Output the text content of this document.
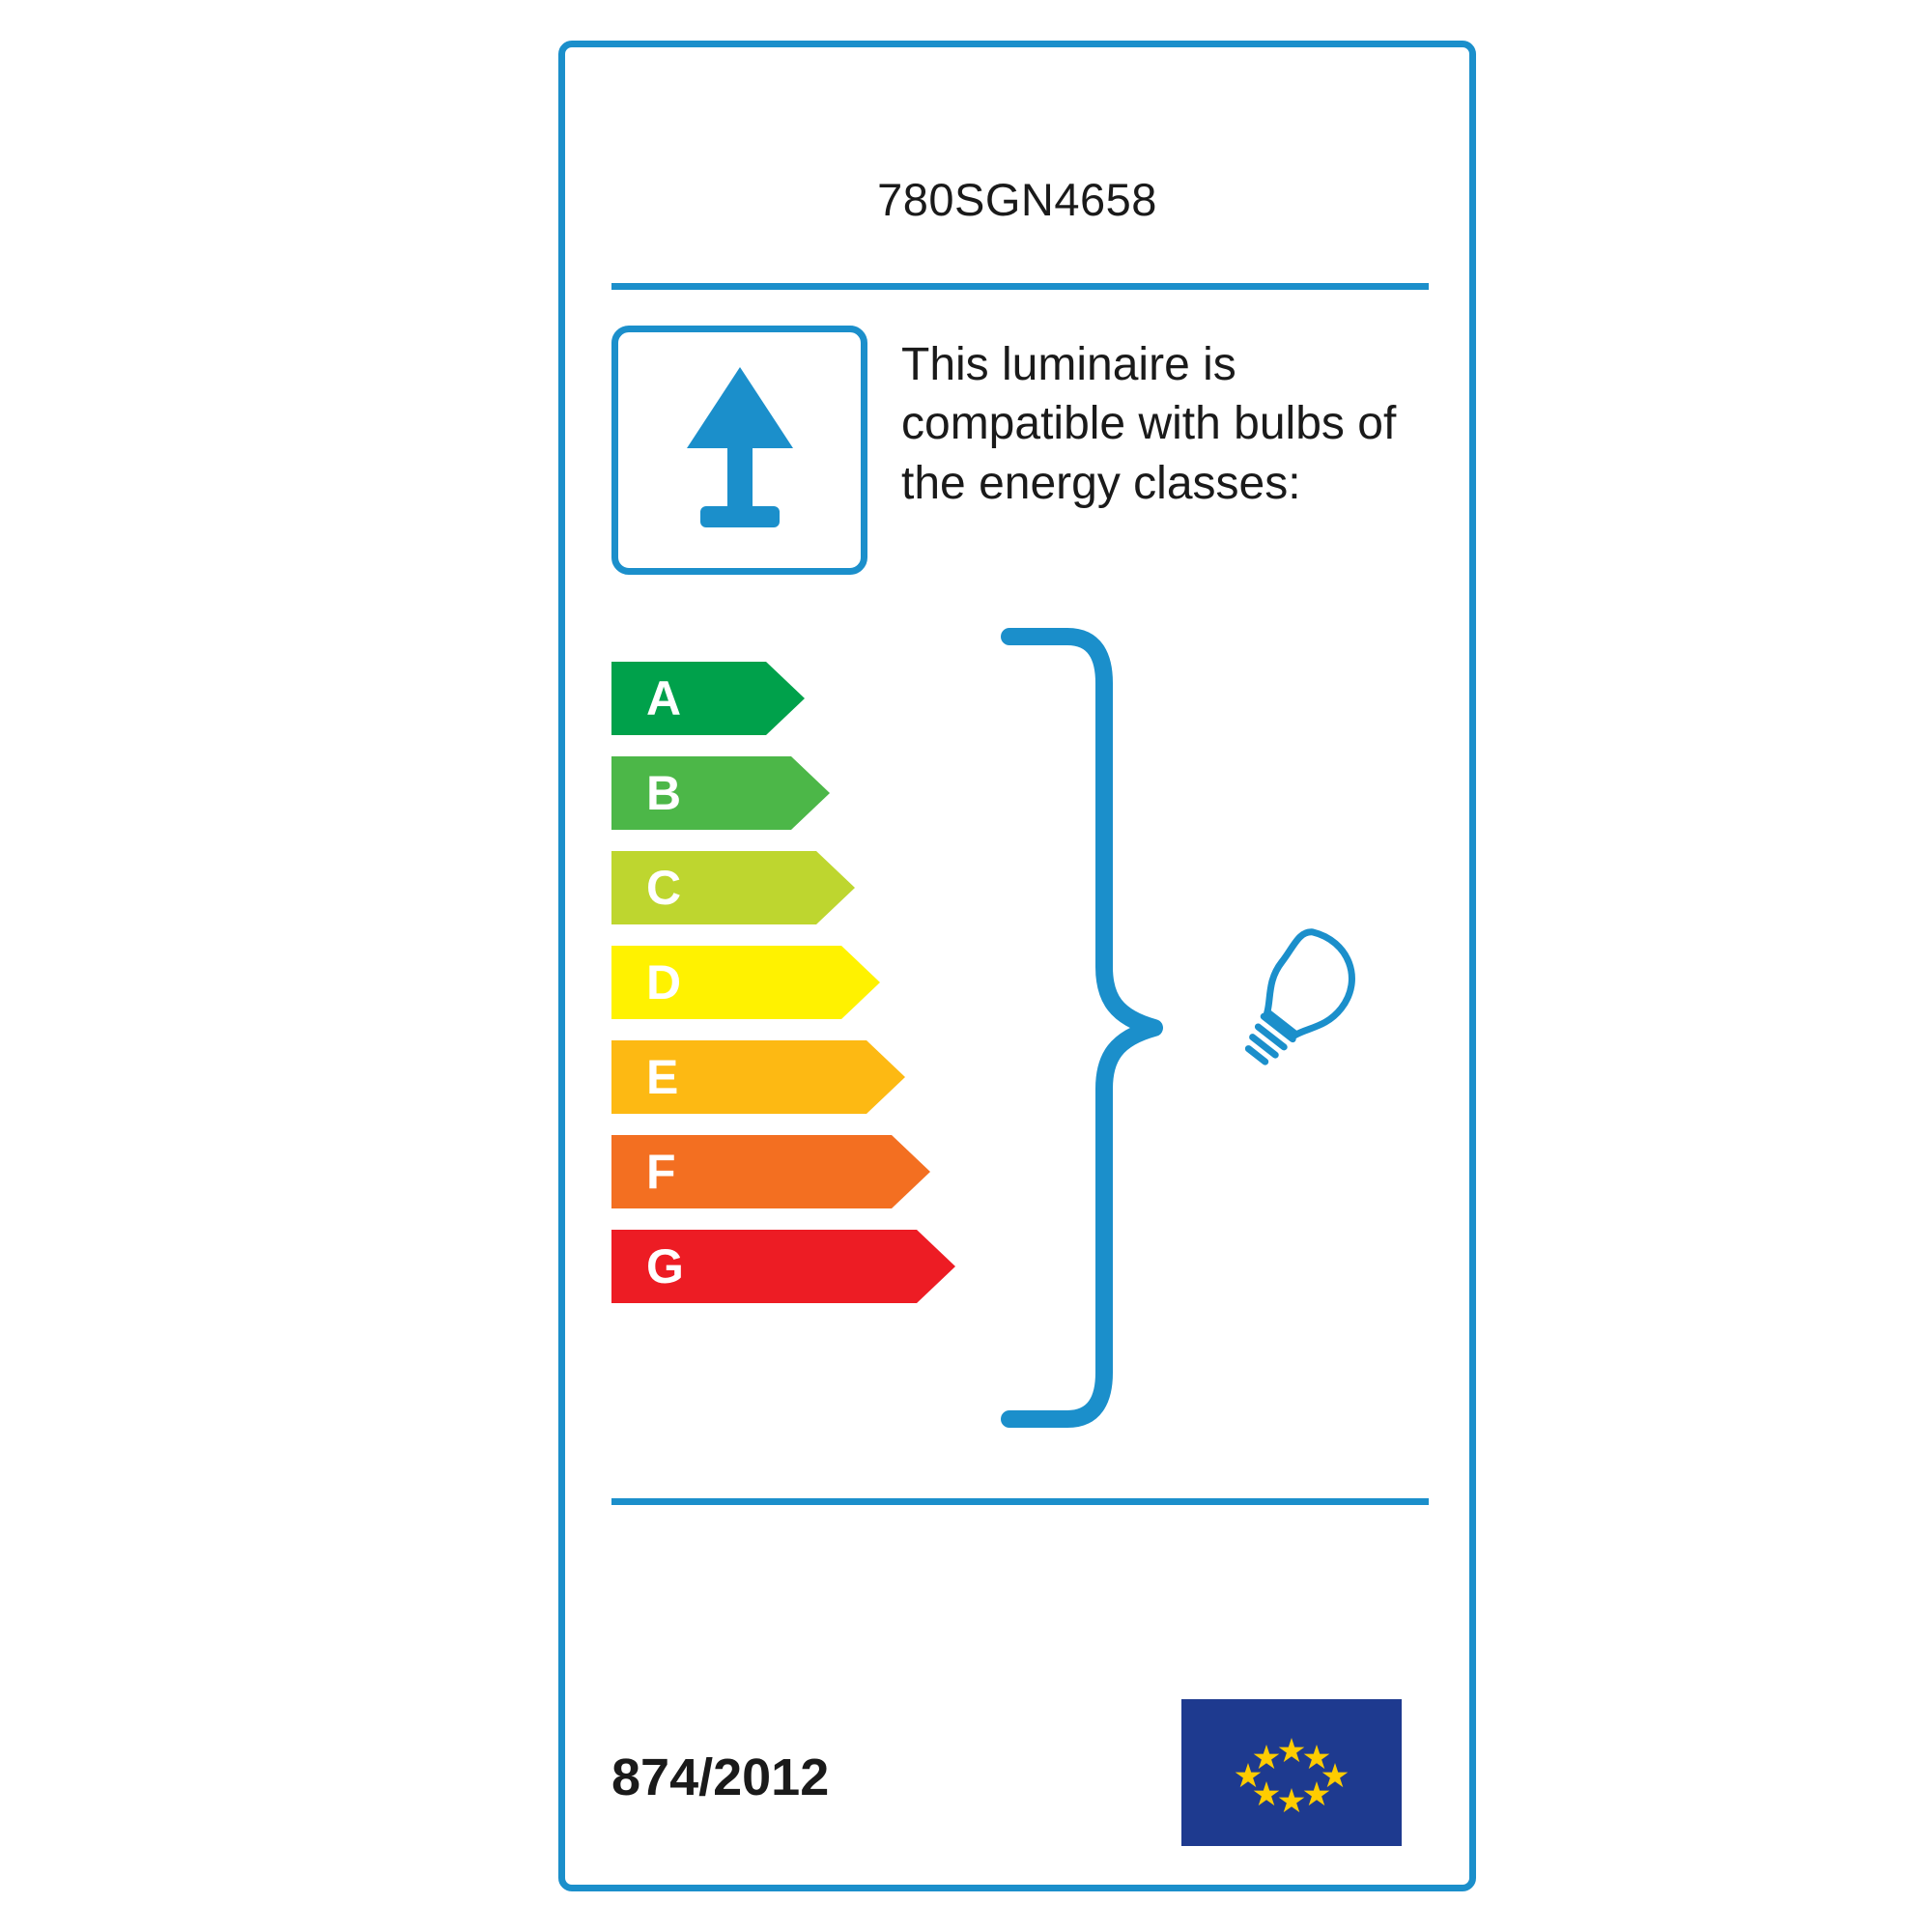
780SGN4658
This luminaire is compatible with bulbs of the energy classes:
A
B
C
D
E
F
G
874/2012
